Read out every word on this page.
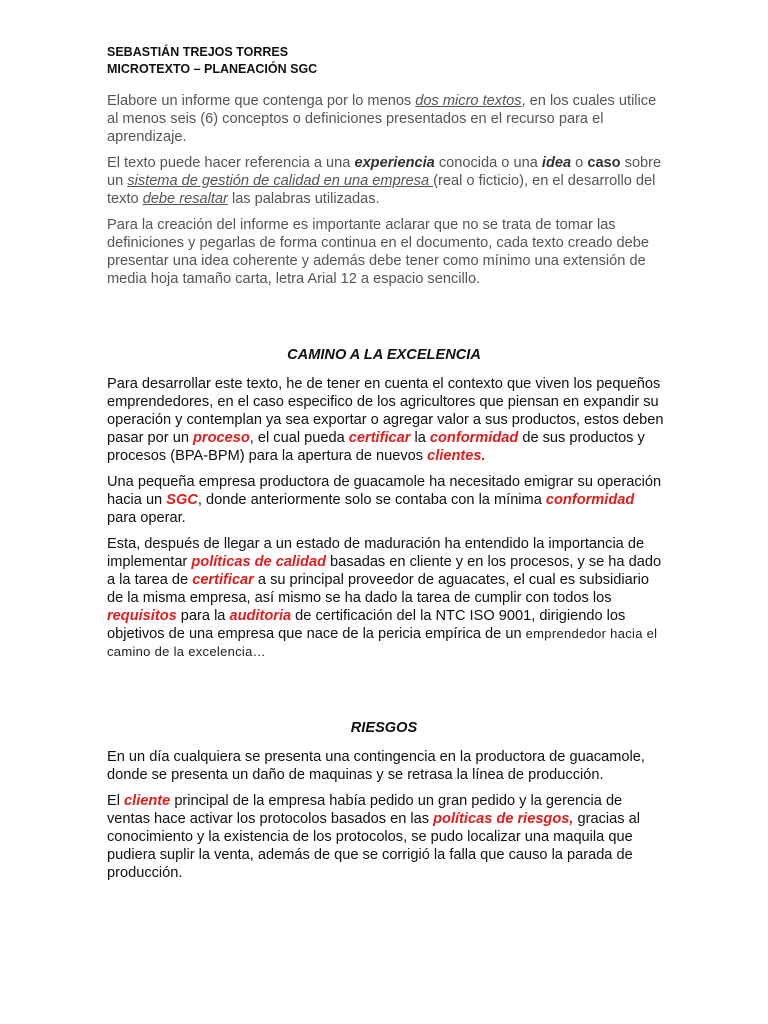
SEBASTIÁN TREJOS TORRES
MICROTEXTO – PLANEACIÓN SGC

Elabore un informe que contenga por lo menos dos micro textos, en los cuales utilice al menos seis (6) conceptos o definiciones presentados en el recurso para el aprendizaje.

El texto puede hacer referencia a una experiencia conocida o una idea o caso sobre un sistema de gestión de calidad en una empresa (real o ficticio), en el desarrollo del texto debe resaltar las palabras utilizadas.

Para la creación del informe es importante aclarar que no se trata de tomar las definiciones y pegarlas de forma continua en el documento, cada texto creado debe presentar una idea coherente y además debe tener como mínimo una extensión de media hoja tamaño carta, letra Arial 12 a espacio sencillo.

CAMINO A LA EXCELENCIA

Para desarrollar este texto, he de tener en cuenta el contexto que viven los pequeños emprendedores, en el caso especifico de los agricultores que piensan en expandir su operación y contemplan ya sea exportar o agregar valor a sus productos, estos deben pasar por un proceso, el cual pueda certificar la conformidad de sus productos y procesos (BPA-BPM) para la apertura de nuevos clientes.

Una pequeña empresa productora de guacamole ha necesitado emigrar su operación hacia un SGC, donde anteriormente solo se contaba con la mínima conformidad para operar.

Esta, después de llegar a un estado de maduración ha entendido la importancia de implementar políticas de calidad basadas en cliente y en los procesos, y se ha dado a la tarea de certificar a su principal proveedor de aguacates, el cual es subsidiario de la misma empresa, así mismo se ha dado la tarea de cumplir con todos los requisitos para la auditoria de certificación del la NTC ISO 9001, dirigiendo los objetivos de una empresa que nace de la pericia empírica de un emprendedor hacia el camino de la excelencia…

RIESGOS

En un día cualquiera se presenta una contingencia en la productora de guacamole, donde se presenta un daño de maquinas y se retrasa la línea de producción.

El cliente principal de la empresa había pedido un gran pedido y la gerencia de ventas hace activar los protocolos basados en las políticas de riesgos, gracias al conocimiento y la existencia de los protocolos, se pudo localizar una maquila que pudiera suplir la venta, además de que se corrigió la falla que causo la parada de producción.
